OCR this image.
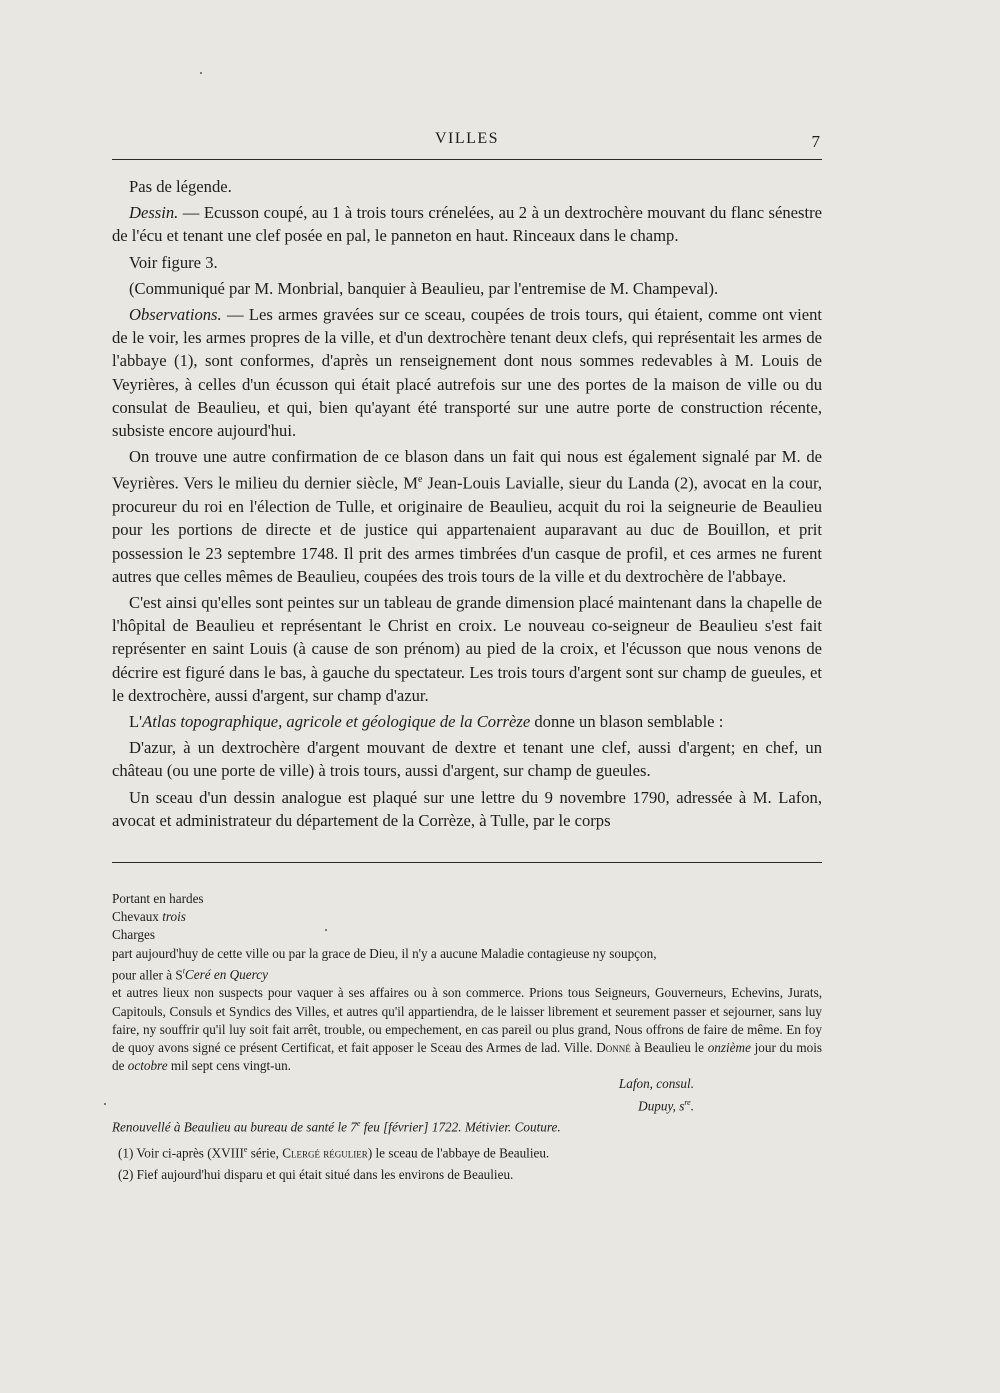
VILLES	7

Pas de légende.

Dessin. — Ecusson coupé, au 1 à trois tours crénelées, au 2 à un dextrochère mouvant du flanc sénestre de l'écu et tenant une clef posée en pal, le panneton en haut. Rinceaux dans le champ.

Voir figure 3.

(Communiqué par M. Monbrial, banquier à Beaulieu, par l'entremise de M. Champeval).

Observations. — Les armes gravées sur ce sceau, coupées de trois tours, qui étaient, comme ont vient de le voir, les armes propres de la ville, et d'un dextrochère tenant deux clefs, qui représentait les armes de l'abbaye (1), sont conformes, d'après un renseignement dont nous sommes redevables à M. Louis de Veyrières, à celles d'un écusson qui était placé autrefois sur une des portes de la maison de ville ou du consulat de Beaulieu, et qui, bien qu'ayant été transporté sur une autre porte de construction récente, subsiste encore aujourd'hui.

On trouve une autre confirmation de ce blason dans un fait qui nous est également signalé par M. de Veyrières. Vers le milieu du dernier siècle, Me Jean-Louis Lavialle, sieur du Landa (2), avocat en la cour, procureur du roi en l'élection de Tulle, et originaire de Beaulieu, acquit du roi la seigneurie de Beaulieu pour les portions de directe et de justice qui appartenaient auparavant au duc de Bouillon, et prit possession le 23 septembre 1748. Il prit des armes timbrées d'un casque de profil, et ces armes ne furent autres que celles mêmes de Beaulieu, coupées des trois tours de la ville et du dextrochère de l'abbaye.

C'est ainsi qu'elles sont peintes sur un tableau de grande dimension placé maintenant dans la chapelle de l'hôpital de Beaulieu et représentant le Christ en croix. Le nouveau co-seigneur de Beaulieu s'est fait représenter en saint Louis (à cause de son prénom) au pied de la croix, et l'écusson que nous venons de décrire est figuré dans le bas, à gauche du spectateur. Les trois tours d'argent sont sur champ de gueules, et le dextrochère, aussi d'argent, sur champ d'azur.

L'Atlas topographique, agricole et géologique de la Corrèze donne un blason semblable :

D'azur, à un dextrochère d'argent mouvant de dextre et tenant une clef, aussi d'argent; en chef, un château (ou une porte de ville) à trois tours, aussi d'argent, sur champ de gueules.

Un sceau d'un dessin analogue est plaqué sur une lettre du 9 novembre 1790, adressée à M. Lafon, avocat et administrateur du département de la Corrèze, à Tulle, par le corps

Portant en hardes

Chevaux trois

Charges

part aujourd'huy de cette ville ou par la grace de Dieu, il n'y a aucune Maladie contagieuse ny soupçon,

pour aller à $S^tCeré$ en Quercy

et autres lieux non suspects pour vaquer à ses affaires ou à son commerce. Prions tous Seigneurs, Gouverneurs, Echevins, Jurats, Capitouls, Consuls et Syndics des Villes, et autres qu'il appartiendra, de le laisser librement et seurement passer et sejourner, sans luy faire, ny souffrir qu'il luy soit fait arrêt, trouble, ou empechement, en cas pareil ou plus grand, Nous offrons de faire de même. En foy de quoy avons signé ce présent Certificat, et fait apposer le Sceau des Armes de lad. Ville. Donné à Beaulieu le onzième jour du mois de octobre mil sept cens vingt-un.

Lafon, consul.

Dupuy, $s^{re}$.

Renouvellé à Beaulieu au bureau de santé le 7e feu [février] 1722. Métivier. Couture.

(1) Voir ci-après (XVIIIe série, Clergé régulier) le sceau de l'abbaye de Beaulieu.

(2) Fief aujourd'hui disparu et qui était situé dans les environs de Beaulieu.
